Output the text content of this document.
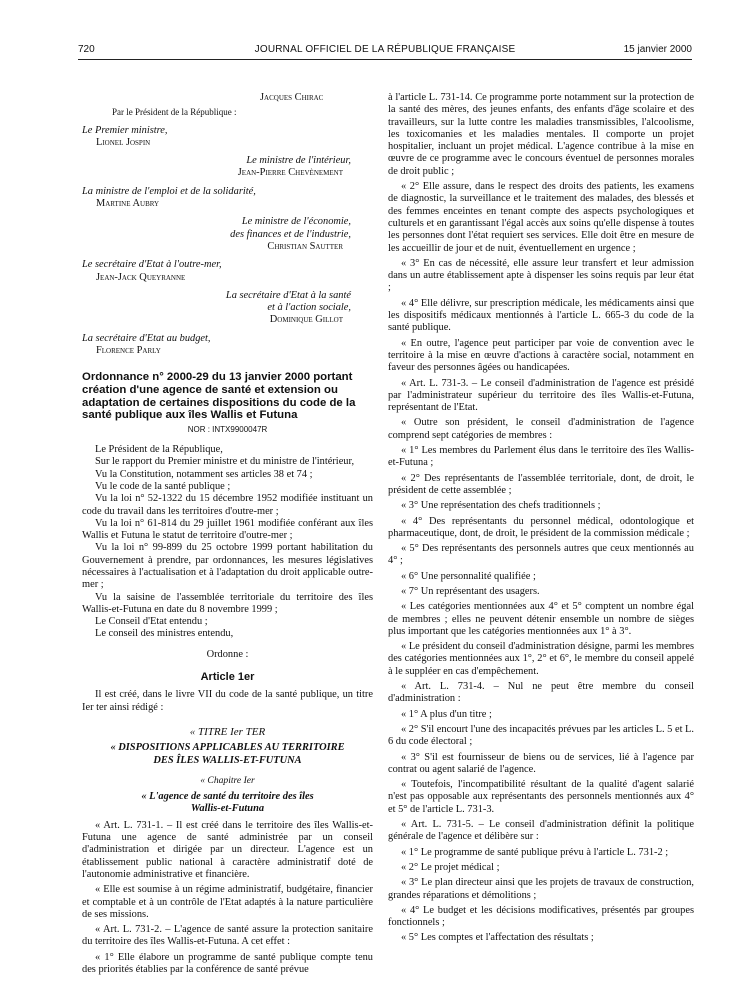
720	JOURNAL OFFICIEL DE LA RÉPUBLIQUE FRANÇAISE	15 janvier 2000

Jacques Chirac

Par le Président de la République :

Le Premier ministre,

Lionel Jospin

Le ministre de l'intérieur,

Jean-Pierre Chevènement

La ministre de l'emploi et de la solidarité,

Martine Aubry

Le ministre de l'économie,

des finances et de l'industrie,

Christian Sautter

Le secrétaire d'Etat à l'outre-mer,

Jean-Jack Queyranne

La secrétaire d'Etat à la santé

et à l'action sociale,

Dominique Gillot

La secrétaire d'Etat au budget,

Florence Parly

Ordonnance n° 2000-29 du 13 janvier 2000 portant création d'une agence de santé et extension ou adaptation de certaines dispositions du code de la santé publique aux îles Wallis et Futuna

NOR : INTX9900047R

Le Président de la République,

Sur le rapport du Premier ministre et du ministre de l'intérieur,

Vu la Constitution, notamment ses articles 38 et 74 ;

Vu le code de la santé publique ;

Vu la loi n° 52-1322 du 15 décembre 1952 modifiée instituant un code du travail dans les territoires d'outre-mer ;

Vu la loi n° 61-814 du 29 juillet 1961 modifiée conférant aux îles Wallis et Futuna le statut de territoire d'outre-mer ;

Vu la loi n° 99-899 du 25 octobre 1999 portant habilitation du Gouvernement à prendre, par ordonnances, les mesures législatives nécessaires à l'actualisation et à l'adaptation du droit applicable outre-mer ;

Vu la saisine de l'assemblée territoriale du territoire des îles Wallis-et-Futuna en date du 8 novembre 1999 ;

Le Conseil d'Etat entendu ;

Le conseil des ministres entendu,

Ordonne :

Article 1er

Il est créé, dans le livre VII du code de la santé publique, un titre Ier ter ainsi rédigé :

« TITRE Ier TER

« DISPOSITIONS APPLICABLES AU TERRITOIRE DES ÎLES WALLIS-ET-FUTUNA

« Chapitre Ier

« L'agence de santé du territoire des îles Wallis-et-Futuna

« Art. L. 731-1. – Il est créé dans le territoire des îles Wallis-et-Futuna une agence de santé administrée par un conseil d'administration et dirigée par un directeur. L'agence est un établissement public national à caractère administratif doté de l'autonomie administrative et financière.

« Elle est soumise à un régime administratif, budgétaire, financier et comptable et à un contrôle de l'Etat adaptés à la nature particulière de ses missions.

« Art. L. 731-2. – L'agence de santé assure la protection sanitaire du territoire des îles Wallis-et-Futuna. A cet effet :

« 1° Elle élabore un programme de santé publique compte tenu des priorités établies par la conférence de santé prévue

à l'article L. 731-14. Ce programme porte notamment sur la protection de la santé des mères, des jeunes enfants, des enfants d'âge scolaire et des travailleurs, sur la lutte contre les maladies transmissibles, l'alcoolisme, les toxicomanies et les maladies mentales. Il comporte un projet hospitalier, incluant un projet médical. L'agence contribue à la mise en œuvre de ce programme avec le concours éventuel de personnes morales de droit public ;

« 2° Elle assure, dans le respect des droits des patients, les examens de diagnostic, la surveillance et le traitement des malades, des blessés et des femmes enceintes en tenant compte des aspects psychologiques et culturels et en garantissant l'égal accès aux soins qu'elle dispense à toutes les personnes dont l'état requiert ses services. Elle doit être en mesure de les accueillir de jour et de nuit, éventuellement en urgence ;

« 3° En cas de nécessité, elle assure leur transfert et leur admission dans un autre établissement apte à dispenser les soins requis par leur état ;

« 4° Elle délivre, sur prescription médicale, les médicaments ainsi que les dispositifs médicaux mentionnés à l'article L. 665-3 du code de la santé publique.

« En outre, l'agence peut participer par voie de convention avec le territoire à la mise en œuvre d'actions à caractère social, notamment en faveur des personnes âgées ou handicapées.

« Art. L. 731-3. – Le conseil d'administration de l'agence est présidé par l'administrateur supérieur du territoire des îles Wallis-et-Futuna, représentant de l'Etat.

« Outre son président, le conseil d'administration de l'agence comprend sept catégories de membres :

« 1° Les membres du Parlement élus dans le territoire des îles Wallis-et-Futuna ;

« 2° Des représentants de l'assemblée territoriale, dont, de droit, le président de cette assemblée ;

« 3° Une représentation des chefs traditionnels ;

« 4° Des représentants du personnel médical, odontologique et pharmaceutique, dont, de droit, le président de la commission médicale ;

« 5° Des représentants des personnels autres que ceux mentionnés au 4° ;

« 6° Une personnalité qualifiée ;

« 7° Un représentant des usagers.

« Les catégories mentionnées aux 4° et 5° comptent un nombre égal de membres ; elles ne peuvent détenir ensemble un nombre de sièges plus important que les catégories mentionnées aux 1° à 3°.

« Le président du conseil d'administration désigne, parmi les membres des catégories mentionnées aux 1°, 2° et 6°, le membre du conseil appelé à le suppléer en cas d'empêchement.

« Art. L. 731-4. – Nul ne peut être membre du conseil d'administration :

« 1° A plus d'un titre ;

« 2° S'il encourt l'une des incapacités prévues par les articles L. 5 et L. 6 du code électoral ;

« 3° S'il est fournisseur de biens ou de services, lié à l'agence par contrat ou agent salarié de l'agence.

« Toutefois, l'incompatibilité résultant de la qualité d'agent salarié n'est pas opposable aux représentants des personnels mentionnés aux 4° et 5° de l'article L. 731-3.

« Art. L. 731-5. – Le conseil d'administration définit la politique générale de l'agence et délibère sur :

« 1° Le programme de santé publique prévu à l'article L. 731-2 ;

« 2° Le projet médical ;

« 3° Le plan directeur ainsi que les projets de travaux de construction, grandes réparations et démolitions ;

« 4° Le budget et les décisions modificatives, présentés par groupes fonctionnels ;

« 5° Les comptes et l'affectation des résultats ;
